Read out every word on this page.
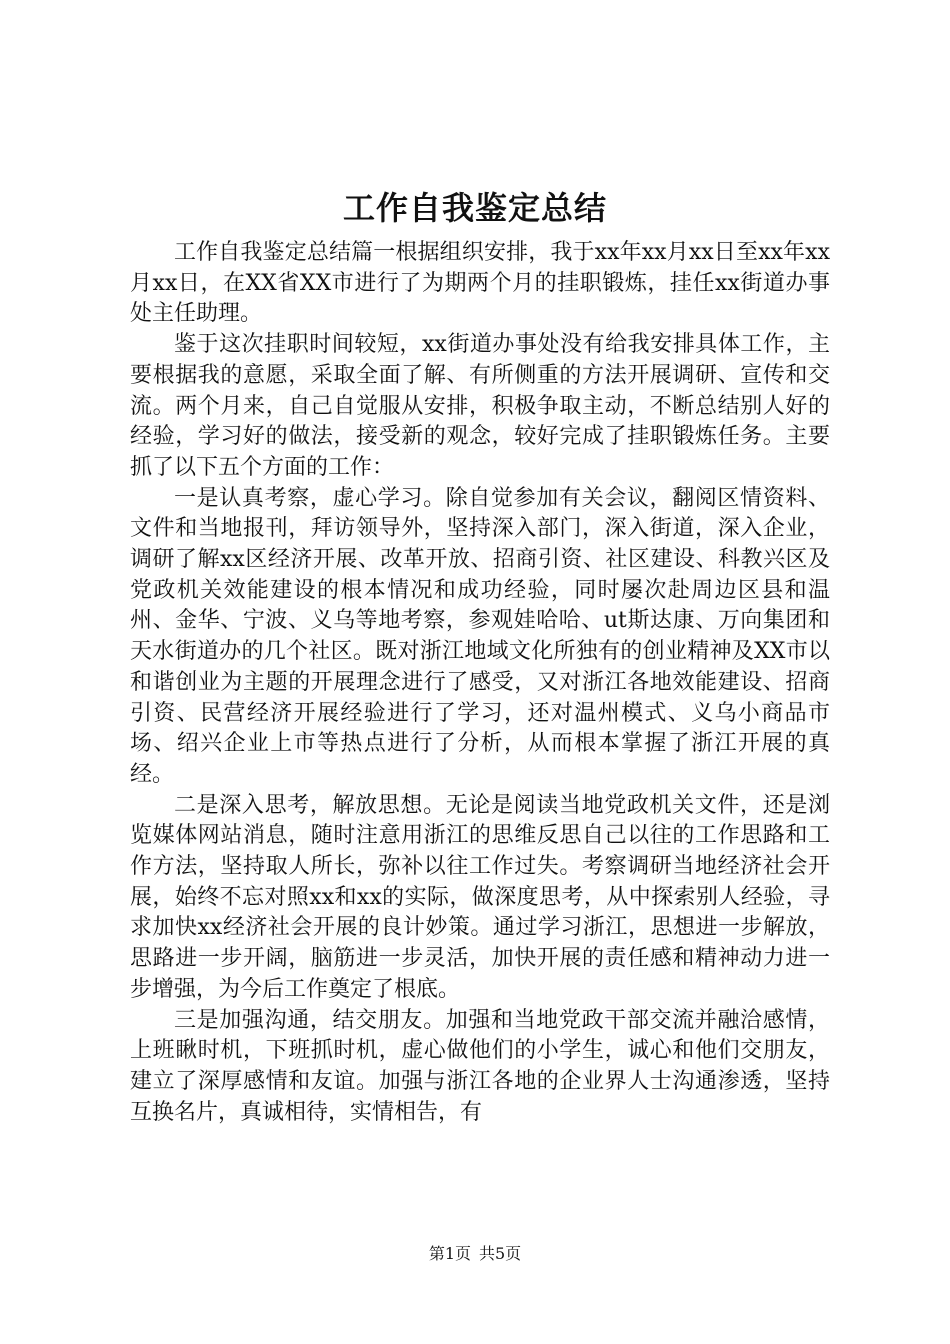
工作自我鉴定总结

工作自我鉴定总结篇一根据组织安排，我于xx年xx月xx日至xx年xx月xx日，在XX省XX市进行了为期两个月的挂职锻炼，挂任xx街道办事处主任助理。

鉴于这次挂职时间较短，xx街道办事处没有给我安排具体工作，主要根据我的意愿，采取全面了解、有所侧重的方法开展调研、宣传和交流。两个月来，自己自觉服从安排，积极争取主动，不断总结别人好的经验，学习好的做法，接受新的观念，较好完成了挂职锻炼任务。主要抓了以下五个方面的工作：

一是认真考察，虚心学习。除自觉参加有关会议，翻阅区情资料、文件和当地报刊，拜访领导外，坚持深入部门，深入街道，深入企业，调研了解xx区经济开展、改革开放、招商引资、社区建设、科教兴区及党政机关效能建设的根本情况和成功经验，同时屡次赴周边区县和温州、金华、宁波、义乌等地考察，参观娃哈哈、ut斯达康、万向集团和天水街道办的几个社区。既对浙江地域文化所独有的创业精神及XX市以和谐创业为主题的开展理念进行了感受，又对浙江各地效能建设、招商引资、民营经济开展经验进行了学习，还对温州模式、义乌小商品市场、绍兴企业上市等热点进行了分析，从而根本掌握了浙江开展的真经。

二是深入思考，解放思想。无论是阅读当地党政机关文件，还是浏览媒体网站消息，随时注意用浙江的思维反思自己以往的工作思路和工作方法，坚持取人所长，弥补以往工作过失。考察调研当地经济社会开展，始终不忘对照xx和xx的实际，做深度思考，从中探索别人经验，寻求加快xx经济社会开展的良计妙策。通过学习浙江，思想进一步解放，思路进一步开阔，脑筋进一步灵活，加快开展的责任感和精神动力进一步增强，为今后工作奠定了根底。

三是加强沟通，结交朋友。加强和当地党政干部交流并融洽感情，上班瞅时机，下班抓时机，虚心做他们的小学生，诚心和他们交朋友，建立了深厚感情和友谊。加强与浙江各地的企业界人士沟通渗透，坚持互换名片，真诚相待，实情相告，有

第1页 共5页
